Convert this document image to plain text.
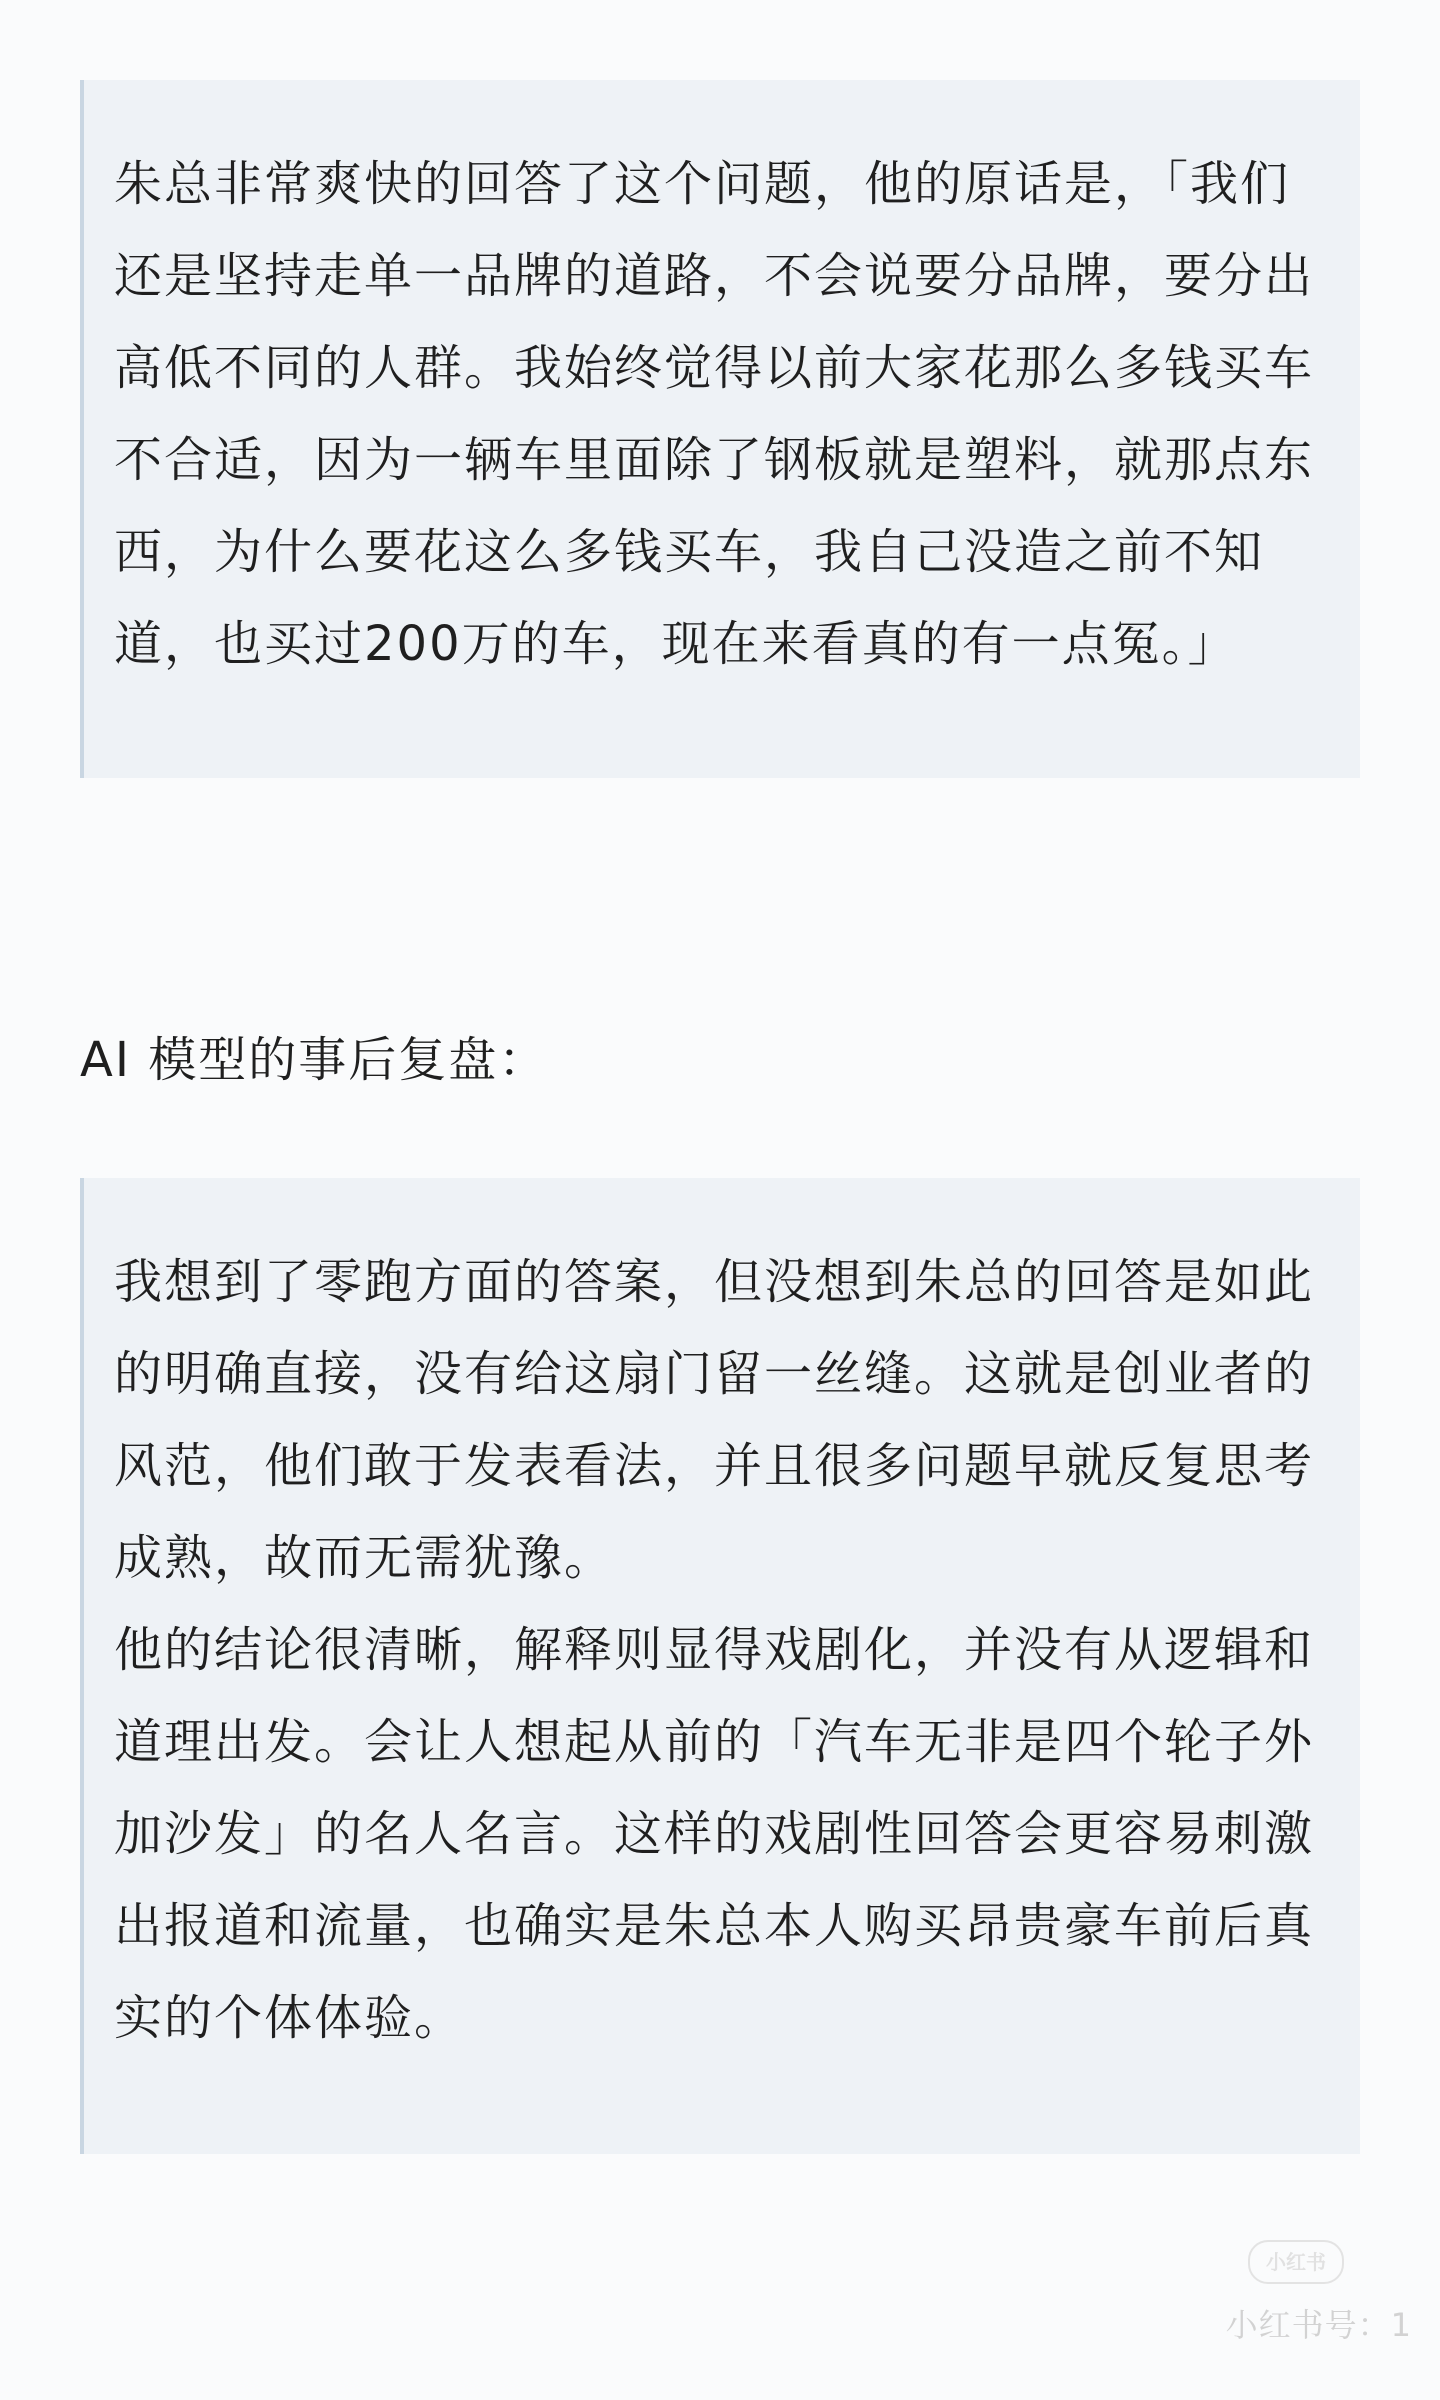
朱总非常爽快的回答了这个问题，他的原话是，「我们还是坚持走单一品牌的道路，不会说要分品牌，要分出高低不同的人群。我始终觉得以前大家花那么多钱买车不合适，因为一辆车里面除了钢板就是塑料，就那点东西，为什么要花这么多钱买车，我自己没造之前不知道，也买过200万的车，现在来看真的有一点冤。」

AI 模型的事后复盘：

我想到了零跑方面的答案，但没想到朱总的回答是如此的明确直接，没有给这扇门留一丝缝。这就是创业者的风范，他们敢于发表看法，并且很多问题早就反复思考成熟，故而无需犹豫。

他的结论很清晰，解释则显得戏剧化，并没有从逻辑和道理出发。会让人想起从前的「汽车无非是四个轮子外加沙发」的名人名言。这样的戏剧性回答会更容易刺激出报道和流量，也确实是朱总本人购买昂贵豪车前后真实的个体体验。

小红书
小红书号：1
